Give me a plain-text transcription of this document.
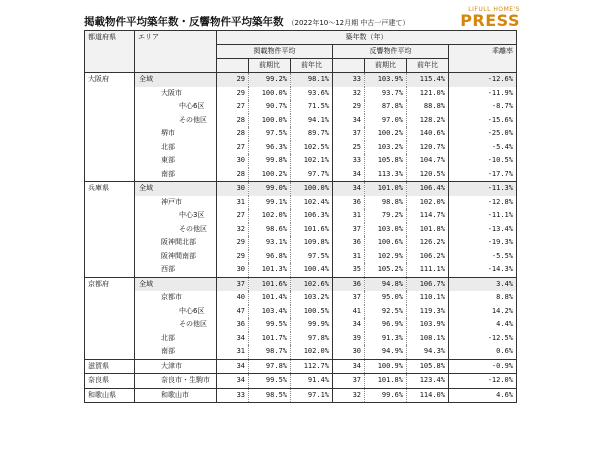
掲載物件平均築年数・反響物件平均築年数 （2022年10〜12月期 中古一戸建て）
LIFULL HOME'S
PRESS
都道府県	エリア	築年数（年）						
		掲載物件平均			反響物件平均			乖離率
			前期比	前年比		前期比	前年比	
大阪府	全域	29	99.2%	98.1%	33	103.9%	115.4%	-12.6%
	大阪市	29	100.0%	93.6%	32	93.7%	121.0%	-11.9%
	中心6区	27	90.7%	71.5%	29	87.8%	88.8%	-8.7%
	その他区	28	100.0%	94.1%	34	97.0%	128.2%	-15.6%
	堺市	28	97.5%	89.7%	37	100.2%	140.6%	-25.0%
	北部	27	96.3%	102.5%	25	103.2%	120.7%	-5.4%
	東部	30	99.8%	102.1%	33	105.8%	104.7%	-10.5%
	南部	28	100.2%	97.7%	34	113.3%	120.5%	-17.7%
兵庫県	全域	30	99.0%	100.0%	34	101.0%	106.4%	-11.3%
	神戸市	31	99.1%	102.4%	36	98.8%	102.0%	-12.8%
	中心3区	27	102.0%	106.3%	31	79.2%	114.7%	-11.1%
	その他区	32	98.6%	101.6%	37	103.0%	101.8%	-13.4%
	阪神間北部	29	93.1%	109.8%	36	100.6%	126.2%	-19.3%
	阪神間南部	29	96.8%	97.5%	31	102.9%	106.2%	-5.5%
	西部	30	101.3%	100.4%	35	105.2%	111.1%	-14.3%
京都府	全域	37	101.6%	102.6%	36	94.8%	106.7%	3.4%
	京都市	40	101.4%	103.2%	37	95.0%	110.1%	8.8%
	中心6区	47	103.4%	100.5%	41	92.5%	119.3%	14.2%
	その他区	36	99.5%	99.9%	34	96.9%	103.9%	4.4%
	北部	34	101.7%	97.8%	39	91.3%	108.1%	-12.5%
	南部	31	98.7%	102.0%	30	94.9%	94.3%	0.6%
滋賀県	大津市	34	97.8%	112.7%	34	100.9%	105.8%	-0.9%
奈良県	奈良市・生駒市	34	99.5%	91.4%	37	101.8%	123.4%	-12.0%
和歌山県	和歌山市	33	98.5%	97.1%	32	99.6%	114.0%	4.6%
